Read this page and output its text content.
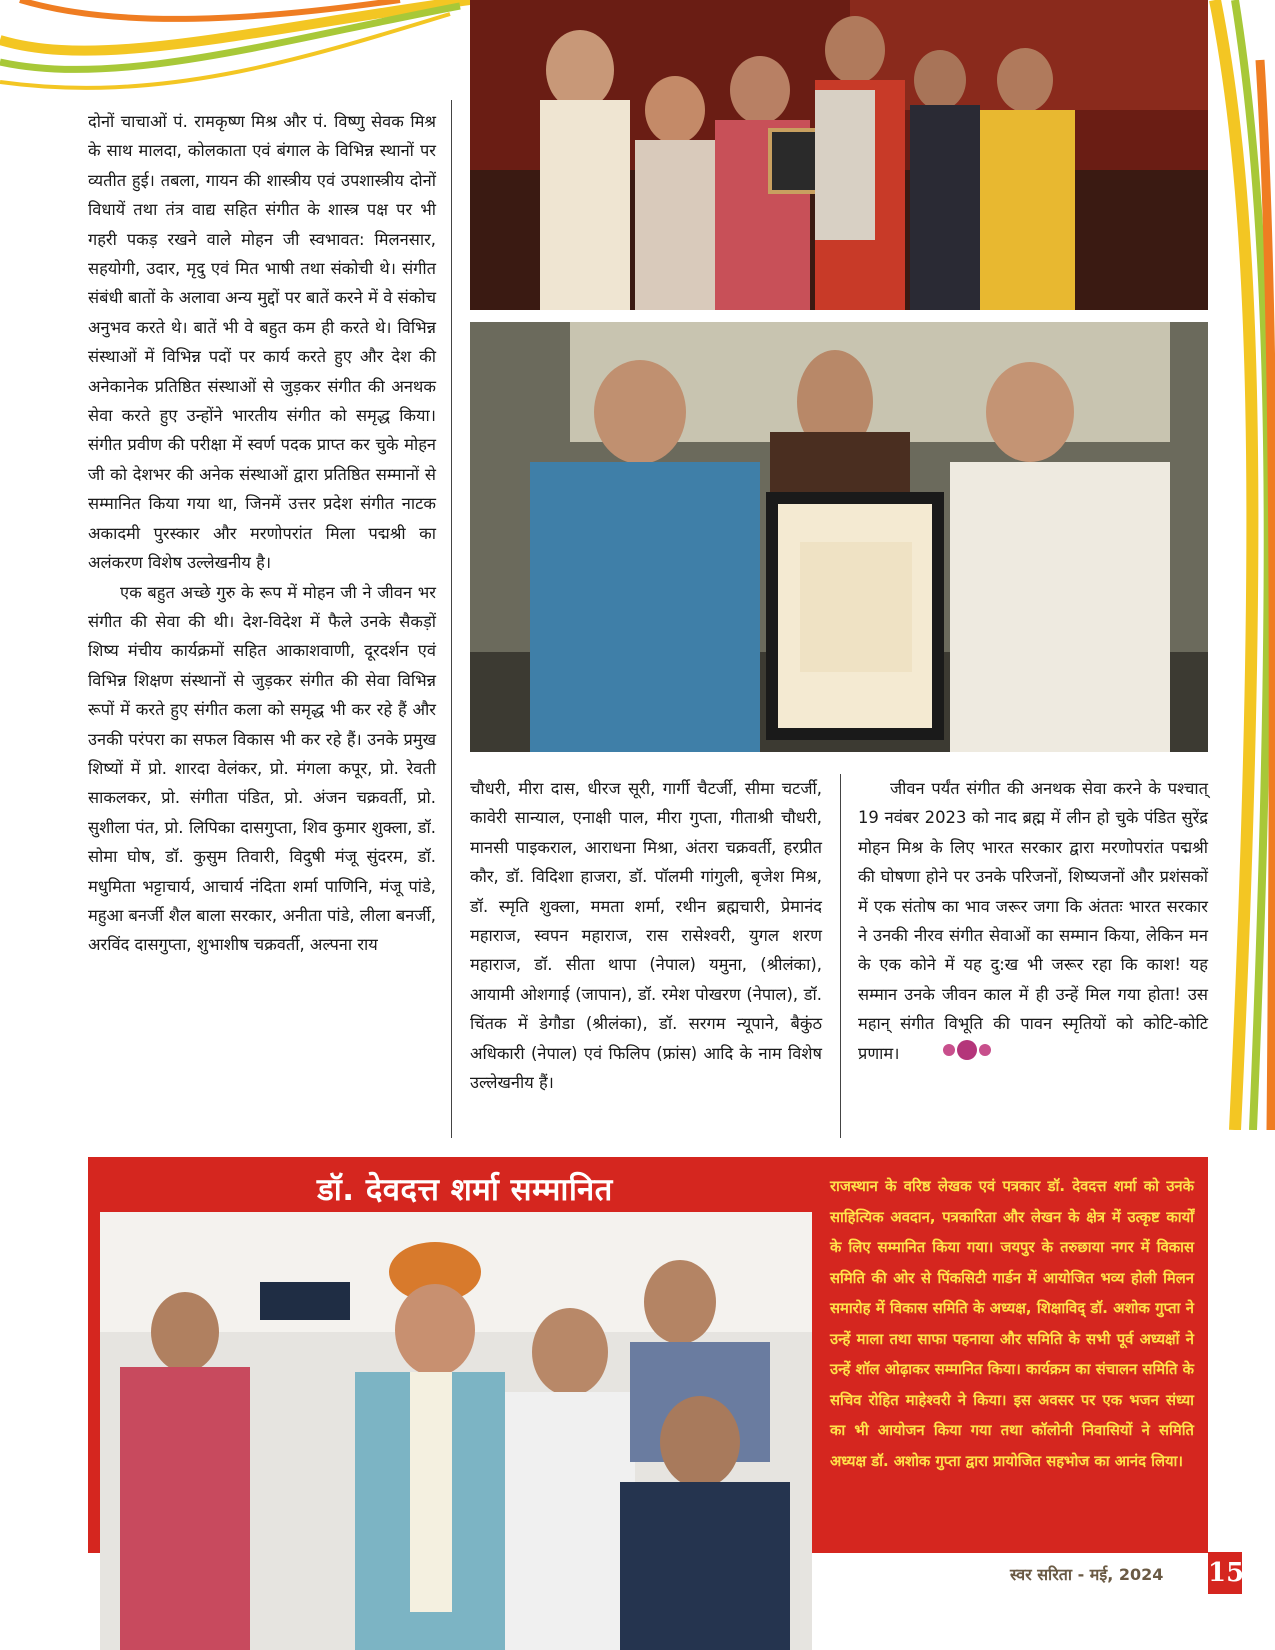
दोनों चाचाओं पं. रामकृष्ण मिश्र और पं. विष्णु सेवक मिश्र के साथ मालदा, कोलकाता एवं बंगाल के विभिन्न स्थानों पर व्यतीत हुई। तबला, गायन की शास्त्रीय एवं उपशास्त्रीय दोनों विधायें तथा तंत्र वाद्य सहित संगीत के शास्त्र पक्ष पर भी गहरी पकड़ रखने वाले मोहन जी स्वभावत: मिलनसार, सहयोगी, उदार, मृदु एवं मित भाषी तथा संकोची थे। संगीत संबंधी बातों के अलावा अन्य मुद्दों पर बातें करने में वे संकोच अनुभव करते थे। बातें भी वे बहुत कम ही करते थे। विभिन्न संस्थाओं में विभिन्न पदों पर कार्य करते हुए और देश की अनेकानेक प्रतिष्ठित संस्थाओं से जुड़कर संगीत की अनथक सेवा करते हुए उन्होंने भारतीय संगीत को समृद्ध किया। संगीत प्रवीण की परीक्षा में स्वर्ण पदक प्राप्त कर चुके मोहन जी को देशभर की अनेक संस्थाओं द्वारा प्रतिष्ठित सम्मानों से सम्मानित किया गया था, जिनमें उत्तर प्रदेश संगीत नाटक अकादमी पुरस्कार और मरणोपरांत मिला पद्मश्री का अलंकरण विशेष उल्लेखनीय है।

एक बहुत अच्छे गुरु के रूप में मोहन जी ने जीवन भर संगीत की सेवा की थी। देश-विदेश में फैले उनके सैकड़ों शिष्य मंचीय कार्यक्रमों सहित आकाशवाणी, दूरदर्शन एवं विभिन्न शिक्षण संस्थानों से जुड़कर संगीत की सेवा विभिन्न रूपों में करते हुए संगीत कला को समृद्ध भी कर रहे हैं और उनकी परंपरा का सफल विकास भी कर रहे हैं। उनके प्रमुख शिष्यों में प्रो. शारदा वेलंकर, प्रो. मंगला कपूर, प्रो. रेवती साकलकर, प्रो. संगीता पंडित, प्रो. अंजन चक्रवर्ती, प्रो. सुशीला पंत, प्रो. लिपिका दासगुप्ता, शिव कुमार शुक्ला, डॉ. सोमा घोष, डॉ. कुसुम तिवारी, विदुषी मंजू सुंदरम, डॉ. मधुमिता भट्टाचार्य, आचार्य नंदिता शर्मा पाणिनि, मंजू पांडे, महुआ बनर्जी शैल बाला सरकार, अनीता पांडे, लीला बनर्जी, अरविंद दासगुप्ता, शुभाशीष चक्रवर्ती, अल्पना राय

चौधरी, मीरा दास, धीरज सूरी, गार्गी चैटर्जी, सीमा चटर्जी, कावेरी सान्याल, एनाक्षी पाल, मीरा गुप्ता, गीताश्री चौधरी, मानसी पाइकराल, आराधना मिश्रा, अंतरा चक्रवर्ती, हरप्रीत कौर, डॉ. विदिशा हाजरा, डॉ. पॉलमी गांगुली, बृजेश मिश्र, डॉ. स्मृति शुक्ला, ममता शर्मा, रथीन ब्रह्मचारी, प्रेमानंद महाराज, स्वपन महाराज, रास रासेश्वरी, युगल शरण महाराज, डॉ. सीता थापा (नेपाल) यमुना, (श्रीलंका), आयामी ओशगाई (जापान), डॉ. रमेश पोखरण (नेपाल), डॉ. चिंतक में डेगौडा (श्रीलंका), डॉ. सरगम न्यूपाने, बैकुंठ अधिकारी (नेपाल) एवं फिलिप (फ्रांस) आदि के नाम विशेष उल्लेखनीय हैं।

जीवन पर्यंत संगीत की अनथक सेवा करने के पश्चात् 19 नवंबर 2023 को नाद ब्रह्म में लीन हो चुके पंडित सुरेंद्र मोहन मिश्र के लिए भारत सरकार द्वारा मरणोपरांत पद्मश्री की घोषणा होने पर उनके परिजनों, शिष्यजनों और प्रशंसकों में एक संतोष का भाव जरूर जगा कि अंततः भारत सरकार ने उनकी नीरव संगीत सेवाओं का सम्मान किया, लेकिन मन के एक कोने में यह दु:ख भी जरूर रहा कि काश! यह सम्मान उनके जीवन काल में ही उन्हें मिल गया होता! उस महान् संगीत विभूति की पावन स्मृतियों को कोटि-कोटि प्रणाम।

डॉ. देवदत्त शर्मा सम्मानित	राजस्थान के वरिष्ठ लेखक एवं पत्रकार डॉ. देवदत्त शर्मा को उनके साहित्यिक अवदान, पत्रकारिता और लेखन के क्षेत्र में उत्कृष्ट कार्यों के लिए सम्मानित किया गया। जयपुर के तरुछाया नगर में विकास समिति की ओर से पिंकसिटी गार्डन में आयोजित भव्य होली मिलन समारोह में विकास समिति के अध्यक्ष, शिक्षाविद् डॉ. अशोक गुप्ता ने उन्हें माला तथा साफा पहनाया और समिति के सभी पूर्व अध्यक्षों ने उन्हें शॉल ओढ़ाकर सम्मानित किया। कार्यक्रम का संचालन समिति के सचिव रोहित माहेश्वरी ने किया। इस अवसर पर एक भजन संध्या का भी आयोजन किया गया तथा कॉलोनी निवासियों ने समिति अध्यक्ष डॉ. अशोक गुप्ता द्वारा प्रायोजित सहभोज का आनंद लिया।
स्वर सरिता - मई, 2024 15
